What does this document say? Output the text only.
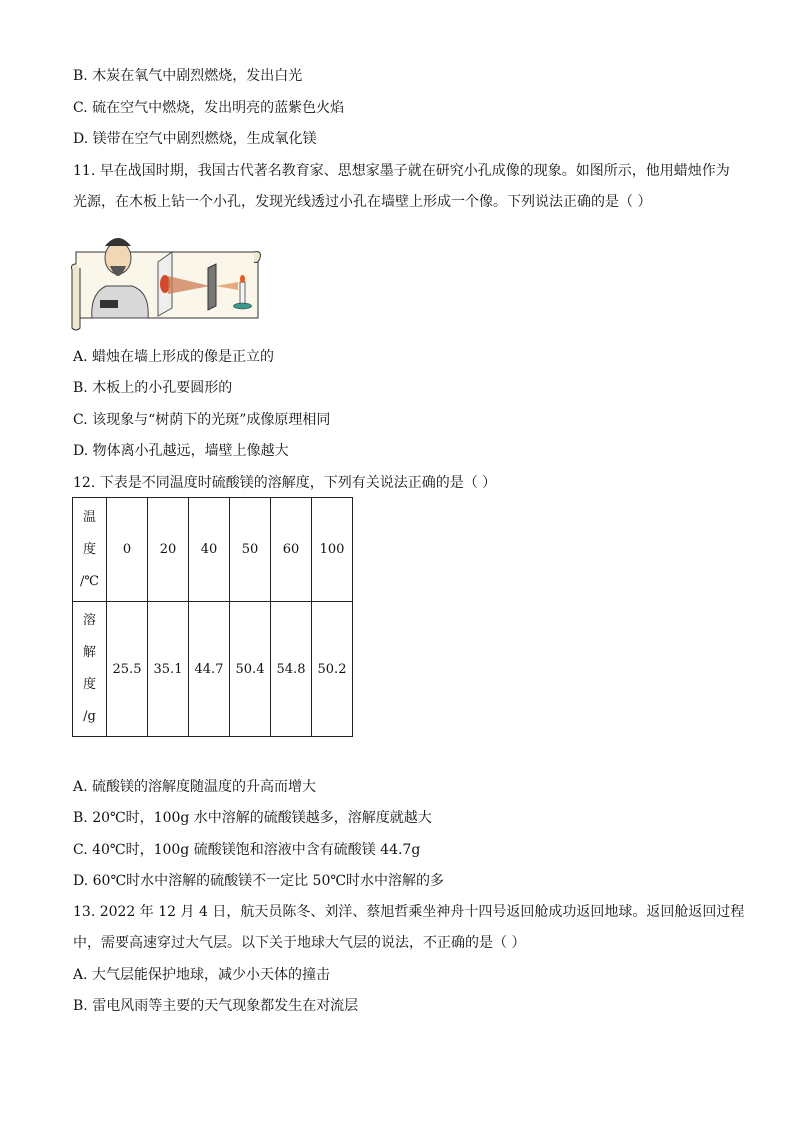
B. 木炭在氧气中剧烈燃烧，发出白光
C. 硫在空气中燃烧，发出明亮的蓝紫色火焰
D. 镁带在空气中剧烈燃烧，生成氧化镁
11. 早在战国时期，我国古代著名教育家、思想家墨子就在研究小孔成像的现象。如图所示，他用蜡烛作为
光源，在木板上钻一个小孔，发现光线透过小孔在墙壁上形成一个像。下列说法正确的是（ ）
A. 蜡烛在墙上形成的像是正立的
B. 木板上的小孔要圆形的
C. 该现象与“树荫下的光斑”成像原理相同
D. 物体离小孔越远，墙壁上像越大
12. 下表是不同温度时硫酸镁的溶解度，下列有关说法正确的是（ ）
温
度
/℃	0	20	40	50	60	100

溶
解
度
/g	25.5	35.1	44.7	50.4	54.8	50.2
A. 硫酸镁的溶解度随温度的升高而增大
B. 20℃时，100g 水中溶解的硫酸镁越多，溶解度就越大
C. 40℃时，100g 硫酸镁饱和溶液中含有硫酸镁 44.7g
D. 60℃时水中溶解的硫酸镁不一定比 50℃时水中溶解的多
13. 2022 年 12 月 4 日，航天员陈冬、刘洋、蔡旭哲乘坐神舟十四号返回舱成功返回地球。返回舱返回过程
中，需要高速穿过大气层。以下关于地球大气层的说法，不正确的是（ ）
A. 大气层能保护地球，减少小天体的撞击
B. 雷电风雨等主要的天气现象都发生在对流层
